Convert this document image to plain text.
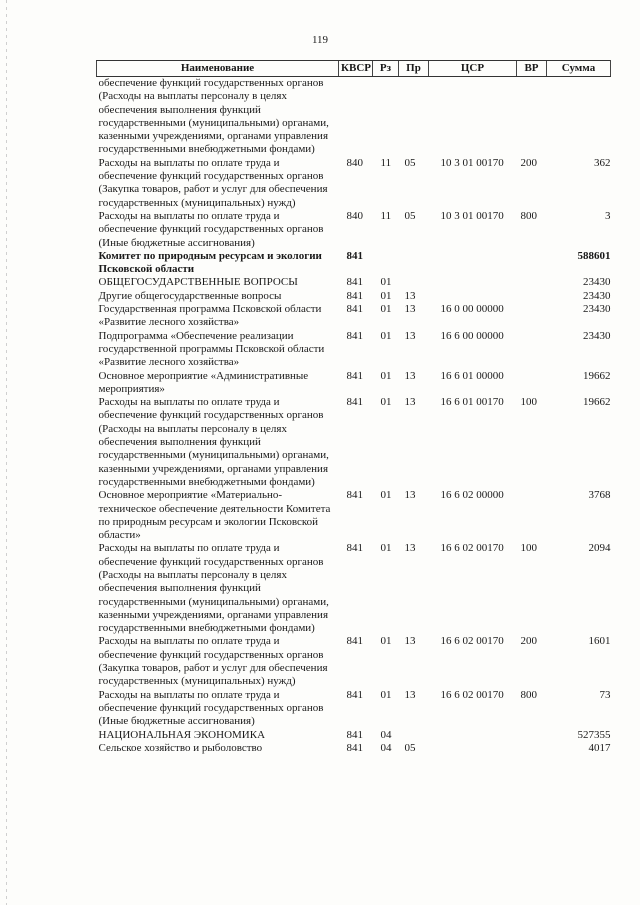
119
Наименование	КВСР	Рз	Пр	ЦСР	ВР	Сумма
обеспечение функций государственных органов (Расходы на выплаты персоналу в целях обеспечения выполнения функций государственными (муниципальными) органами, казенными учреждениями, органами управления государственными внебюджетными фондами)						
Расходы на выплаты по оплате труда и обеспечение функций государственных органов (Закупка товаров, работ и услуг для обеспечения государственных (муниципальных) нужд)	840	11	05	10 3 01 00170	200	362
Расходы на выплаты по оплате труда и обеспечение функций государственных органов (Иные бюджетные ассигнования)	840	11	05	10 3 01 00170	800	3
Комитет по природным ресурсам и экологии Псковской области	841					588601
ОБЩЕГОСУДАРСТВЕННЫЕ ВОПРОСЫ	841	01				23430
Другие общегосударственные вопросы	841	01	13			23430
Государственная программа Псковской области «Развитие лесного хозяйства»	841	01	13	16 0 00 00000		23430
Подпрограмма «Обеспечение реализации государственной программы Псковской области «Развитие лесного хозяйства»	841	01	13	16 6 00 00000		23430
Основное мероприятие «Административные мероприятия»	841	01	13	16 6 01 00000		19662
Расходы на выплаты по оплате труда и обеспечение функций государственных органов (Расходы на выплаты персоналу в целях обеспечения выполнения функций государственными (муниципальными) органами, казенными учреждениями, органами управления государственными внебюджетными фондами)	841	01	13	16 6 01 00170	100	19662
Основное мероприятие «Материально-техническое обеспечение деятельности Комитета по природным ресурсам и экологии Псковской области»	841	01	13	16 6 02 00000		3768
Расходы на выплаты по оплате труда и обеспечение функций государственных органов (Расходы на выплаты персоналу в целях обеспечения выполнения функций государственными (муниципальными) органами, казенными учреждениями, органами управления государственными внебюджетными фондами)	841	01	13	16 6 02 00170	100	2094
Расходы на выплаты по оплате труда и обеспечение функций государственных органов (Закупка товаров, работ и услуг для обеспечения государственных (муниципальных) нужд)	841	01	13	16 6 02 00170	200	1601
Расходы на выплаты по оплате труда и обеспечение функций государственных органов (Иные бюджетные ассигнования)	841	01	13	16 6 02 00170	800	73
НАЦИОНАЛЬНАЯ ЭКОНОМИКА	841	04				527355
Сельское хозяйство и рыболовство	841	04	05			4017
